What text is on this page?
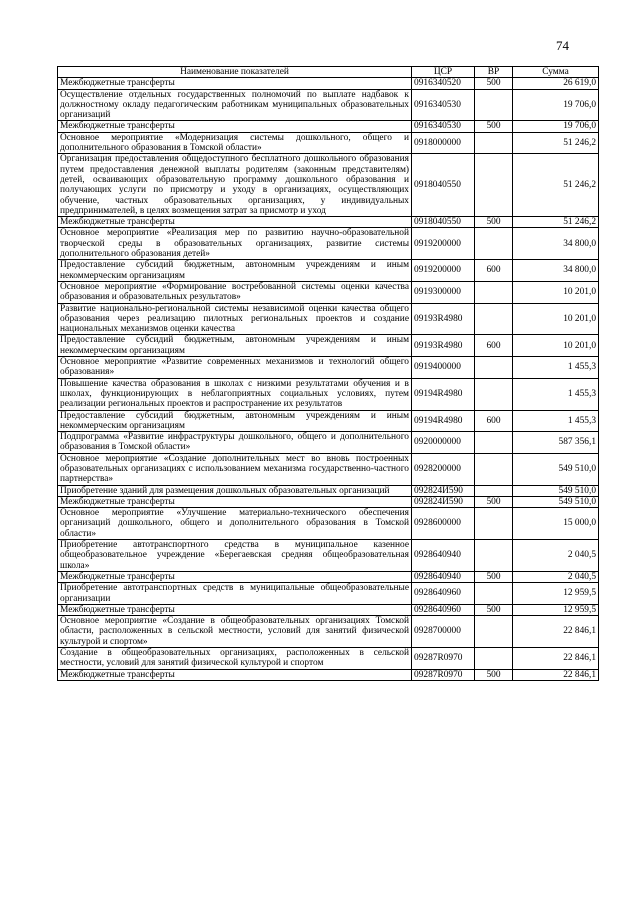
74
Наименование показателей	ЦСР	ВР	Сумма
Межбюджетные трансферты	0916340520	500	26 619,0
Осуществление отдельных государственных полномочий по выплате надбавок к должностному окладу педагогическим работникам муниципальных образовательных организаций	0916340530		19 706,0
Межбюджетные трансферты	0916340530	500	19 706,0
Основное мероприятие «Модернизация системы дошкольного, общего и дополнительного образования в Томской области»	0918000000		51 246,2
Организация предоставления общедоступного бесплатного дошкольного образования путем предоставления денежной выплаты родителям (законным представителям) детей, осваивающих образовательную программу дошкольного образования и получающих услуги по присмотру и уходу в организациях, осуществляющих обучение, частных образовательных организациях, у индивидуальных предпринимателей, в целях возмещения затрат за присмотр и уход	0918040550		51 246,2
Межбюджетные трансферты	0918040550	500	51 246,2
Основное мероприятие «Реализация мер по развитию научно-образовательной творческой среды в образовательных организациях, развитие системы дополнительного образования детей»	0919200000		34 800,0
Предоставление субсидий бюджетным, автономным учреждениям и иным некоммерческим организациям	0919200000	600	34 800,0
Основное мероприятие «Формирование востребованной системы оценки качества образования и образовательных результатов»	0919300000		10 201,0
Развитие национально-региональной системы независимой оценки качества общего образования через реализацию пилотных региональных проектов и создание национальных механизмов оценки качества	09193R4980		10 201,0
Предоставление субсидий бюджетным, автономным учреждениям и иным некоммерческим организациям	09193R4980	600	10 201,0
Основное мероприятие «Развитие современных механизмов и технологий общего образования»	0919400000		1 455,3
Повышение качества образования в школах с низкими результатами обучения и в школах, функционирующих в неблагоприятных социальных условиях, путем реализации региональных проектов и распространение их результатов	09194R4980		1 455,3
Предоставление субсидий бюджетным, автономным учреждениям и иным некоммерческим организациям	09194R4980	600	1 455,3
Подпрограмма «Развитие инфраструктуры дошкольного, общего и дополнительного образования в Томской области»	0920000000		587 356,1
Основное мероприятие «Создание дополнительных мест во вновь построенных образовательных организациях с использованием механизма государственно-частного партнерства»	0928200000		549 510,0
Приобретение зданий для размещения дошкольных образовательных организаций	092824И590		549 510,0
Межбюджетные трансферты	092824И590	500	549 510,0
Основное мероприятие «Улучшение материально-технического обеспечения организаций дошкольного, общего и дополнительного образования в Томской области»	0928600000		15 000,0
Приобретение автотранспортного средства в муниципальное казенное общеобразовательное учреждение «Берегаевская средняя общеобразовательная школа»	0928640940		2 040,5
Межбюджетные трансферты	0928640940	500	2 040,5
Приобретение автотранспортных средств в муниципальные общеобразовательные организации	0928640960		12 959,5
Межбюджетные трансферты	0928640960	500	12 959,5
Основное мероприятие «Создание в общеобразовательных организациях Томской области, расположенных в сельской местности, условий для занятий физической культурой и спортом»	0928700000		22 846,1
Создание в общеобразовательных организациях, расположенных в сельской местности, условий для занятий физической культурой и спортом	09287R0970		22 846,1
Межбюджетные трансферты	09287R0970	500	22 846,1
